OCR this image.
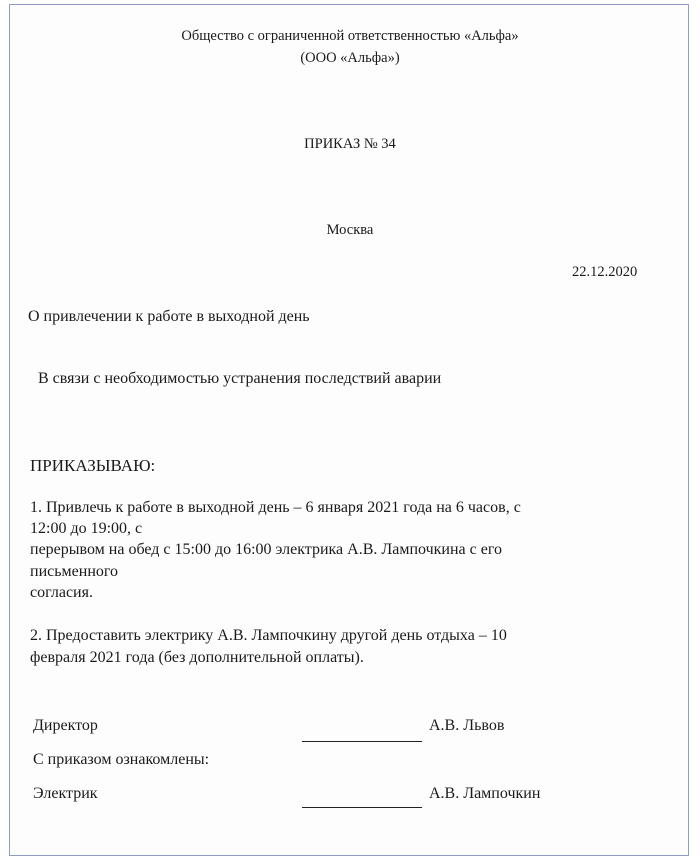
Общество с ограниченной ответственностью «Альфа»
(ООО «Альфа»)
ПРИКАЗ № 34
Москва
22.12.2020
О привлечении к работе в выходной день
В связи с необходимостью устранения последствий аварии
ПРИКАЗЫВАЮ:
1. Привлечь к работе в выходной день – 6 января 2021 года на 6 часов, с
12:00 до 19:00, с
перерывом на обед с 15:00 до 16:00 электрика А.В. Лампочкина с его
письменного
согласия.
2. Предоставить электрику А.В. Лампочкину другой день отдыха – 10
февраля 2021 года (без дополнительной оплаты).
Директор	А.В. Львов
С приказом ознакомлены:
Электрик	А.В. Лампочкин
